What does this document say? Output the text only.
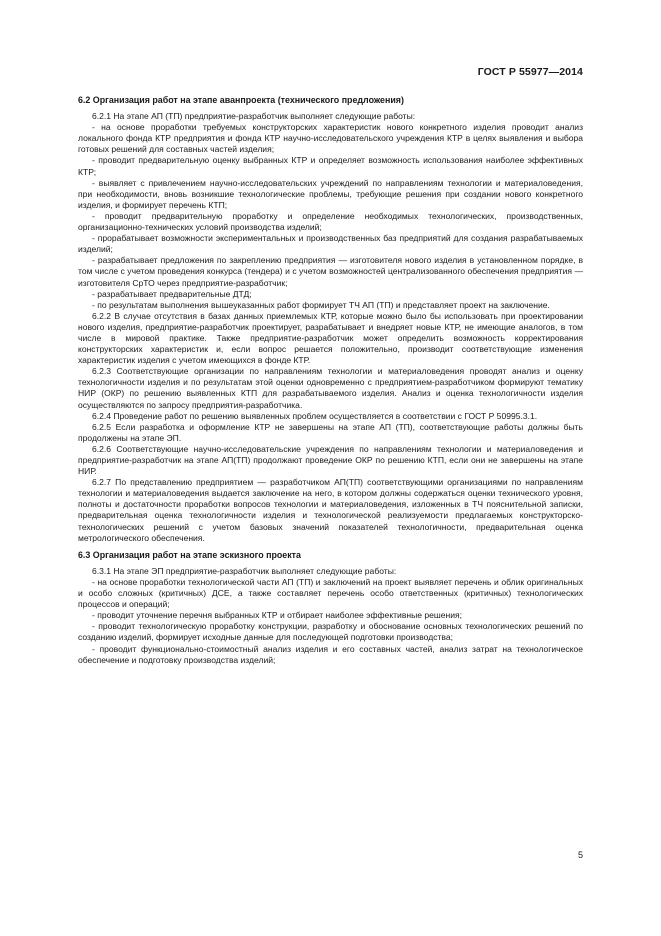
ГОСТ Р 55977—2014
6.2 Организация работ на этапе аванпроекта (технического предложения)

6.2.1 На этапе АП (ТП) предприятие-разработчик выполняет следующие работы:

- на основе проработки требуемых конструкторских характеристик нового конкретного изделия проводит анализ локального фонда КТР предприятия и фонда КТР научно-исследовательского учреждения КТР в целях выявления и выбора готовых решений для составных частей изделия;

- проводит предварительную оценку выбранных КТР и определяет возможность использования наиболее эффективных КТР;

- выявляет с привлечением научно-исследовательских учреждений по направлениям технологии и материаловедения, при необходимости, вновь возникшие технологические проблемы, требующие решения при создании нового конкретного изделия, и формирует перечень КТП;

- проводит предварительную проработку и определение необходимых технологических, производственных, организационно-технических условий производства изделий;

- прорабатывает возможности экспериментальных и производственных баз предприятий для создания разрабатываемых изделий;

- разрабатывает предложения по закреплению предприятия — изготовителя нового изделия в установленном порядке, в том числе с учетом проведения конкурса (тендера) и с учетом возможностей централизованного обеспечения предприятия — изготовителя СрТО через предприятие-разработчик;

- разрабатывает предварительные ДТД;

- по результатам выполнения вышеуказанных работ формирует ТЧ АП (ТП) и представляет проект на заключение.

6.2.2 В случае отсутствия в базах данных приемлемых КТР, которые можно было бы использовать при проектировании нового изделия, предприятие-разработчик проектирует, разрабатывает и внедряет новые КТР, не имеющие аналогов, в том числе в мировой практике. Также предприятие-разработчик может определить возможность корректирования конструкторских характеристик и, если вопрос решается положительно, производит соответствующие изменения характеристик изделия с учетом имеющихся в фонде КТР.

6.2.3 Соответствующие организации по направлениям технологии и материаловедения проводят анализ и оценку технологичности изделия и по результатам этой оценки одновременно с предприятием-разработчиком формируют тематику НИР (ОКР) по решению выявленных КТП для разрабатываемого изделия. Анализ и оценка технологичности изделия осуществляются по запросу предприятия-разработчика.

6.2.4 Проведение работ по решению выявленных проблем осуществляется в соответствии с ГОСТ Р 50995.3.1.

6.2.5 Если разработка и оформление КТР не завершены на этапе АП (ТП), соответствующие работы должны быть продолжены на этапе ЭП.

6.2.6 Соответствующие научно-исследовательские учреждения по направлениям технологии и материаловедения и предприятие-разработчик на этапе АП(ТП) продолжают проведение ОКР по решению КТП, если они не завершены на этапе НИР.

6.2.7 По представлению предприятием — разработчиком АП(ТП) соответствующими организациями по направлениям технологии и материаловедения выдается заключение на него, в котором должны содержаться оценки технического уровня, полноты и достаточности проработки вопросов технологии и материаловедения, изложенных в ТЧ пояснительной записки, предварительная оценка технологичности изделия и технологической реализуемости предлагаемых конструкторско-технологических решений с учетом базовых значений показателей технологичности, предварительная оценка метрологического обеспечения.

6.3 Организация работ на этапе эскизного проекта

6.3.1 На этапе ЭП предприятие-разработчик выполняет следующие работы:

- на основе проработки технологической части АП (ТП) и заключений на проект выявляет перечень и облик оригинальных и особо сложных (критичных) ДСЕ, а также составляет перечень особо ответственных (критичных) технологических процессов и операций;

- проводит уточнение перечня выбранных КТР и отбирает наиболее эффективные решения;

- проводит технологическую проработку конструкции, разработку и обоснование основных технологических решений по созданию изделий, формирует исходные данные для последующей подготовки производства;

- проводит функционально-стоимостный анализ изделия и его составных частей, анализ затрат на технологическое обеспечение и подготовку производства изделий;

5
